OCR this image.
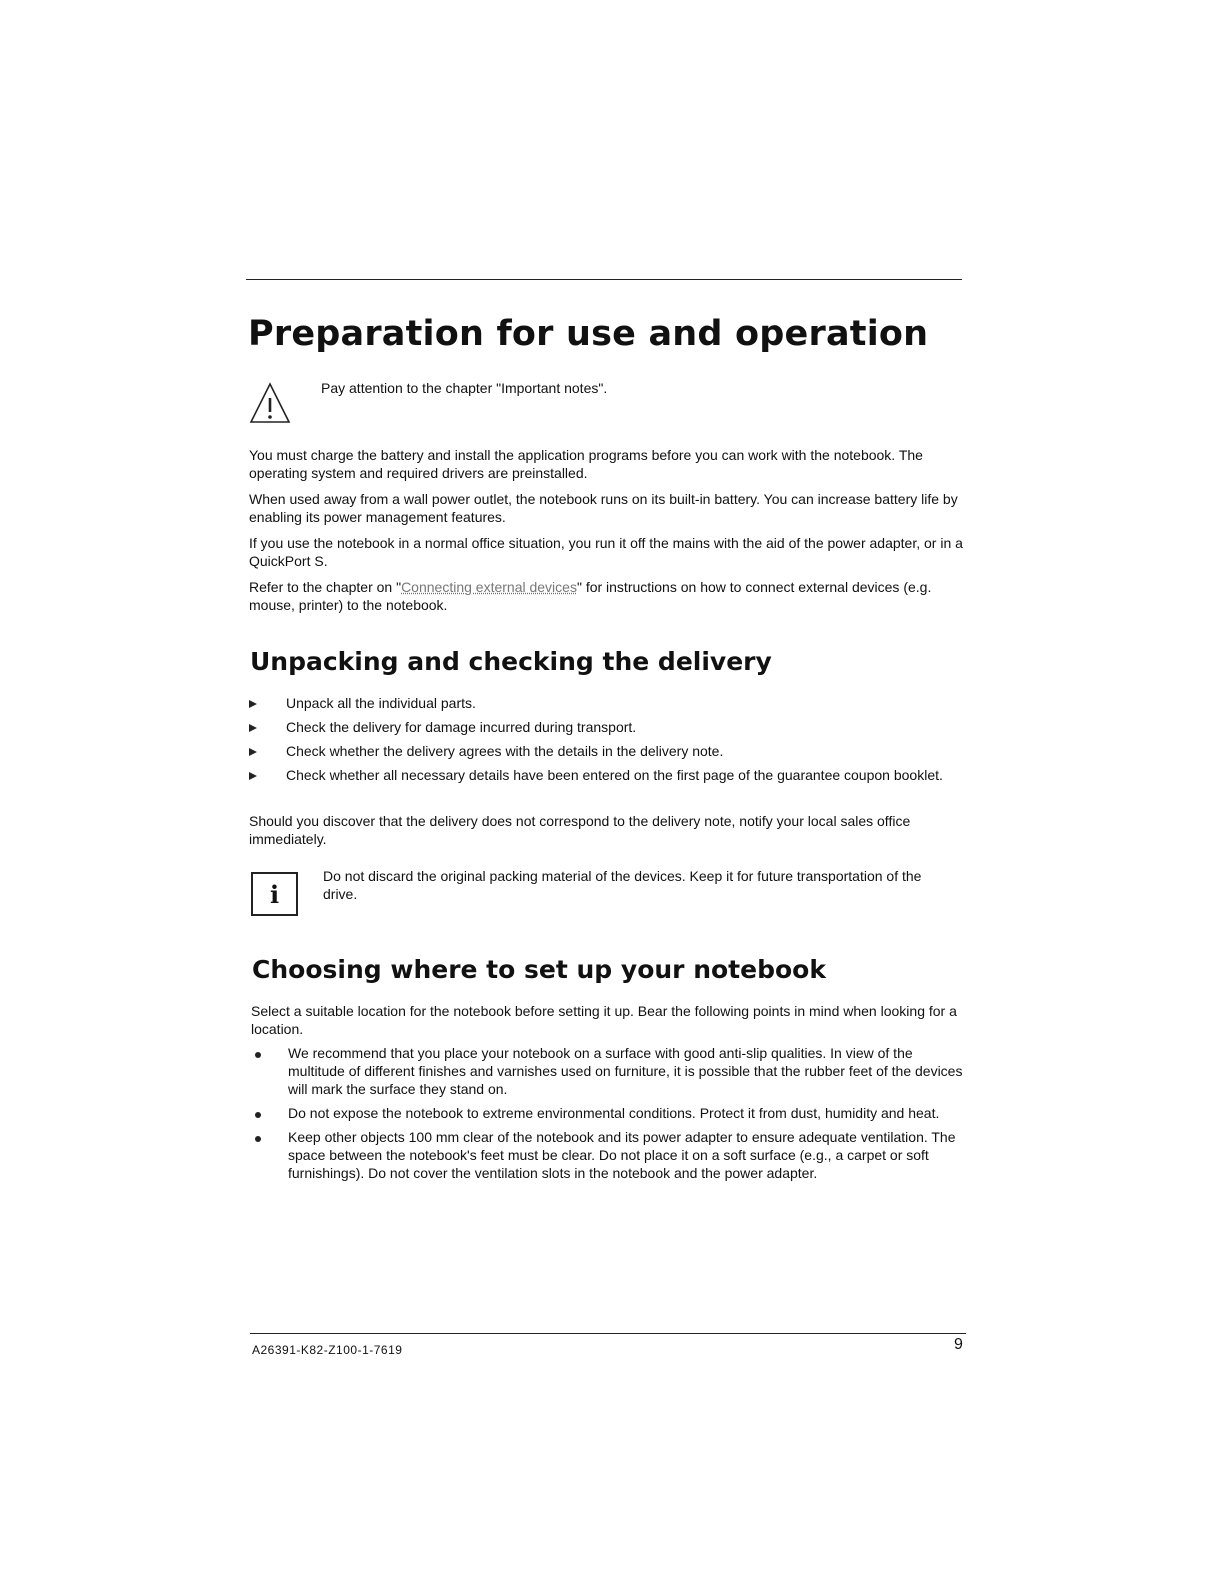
Preparation for use and operation
Pay attention to the chapter "Important notes".

You must charge the battery and install the application programs before you can work with the notebook. The operating system and required drivers are preinstalled.

When used away from a wall power outlet, the notebook runs on its built-in battery. You can increase battery life by enabling its power management features.

If you use the notebook in a normal office situation, you run it off the mains with the aid of the power adapter, or in a QuickPort S.

Refer to the chapter on "Connecting external devices" for instructions on how to connect external devices (e.g. mouse, printer) to the notebook.

Unpacking and checking the delivery
Unpack all the individual parts.
Check the delivery for damage incurred during transport.
Check whether the delivery agrees with the details in the delivery note.
Check whether all necessary details have been entered on the first page of the guarantee coupon booklet.

Should you discover that the delivery does not correspond to the delivery note, notify your local sales office immediately.

i
Do not discard the original packing material of the devices. Keep it for future transportation of the drive.
Choosing where to set up your notebook

Select a suitable location for the notebook before setting it up. Bear the following points in mind when looking for a location.

We recommend that you place your notebook on a surface with good anti-slip qualities. In view of the multitude of different finishes and varnishes used on furniture, it is possible that the rubber feet of the devices will mark the surface they stand on.
Do not expose the notebook to extreme environmental conditions. Protect it from dust, humidity and heat.
Keep other objects 100 mm clear of the notebook and its power adapter to ensure adequate ventilation. The space between the notebook's feet must be clear. Do not place it on a soft surface (e.g., a carpet or soft furnishings). Do not cover the ventilation slots in the notebook and the power adapter.
A26391-K82-Z100-1-7619	9
